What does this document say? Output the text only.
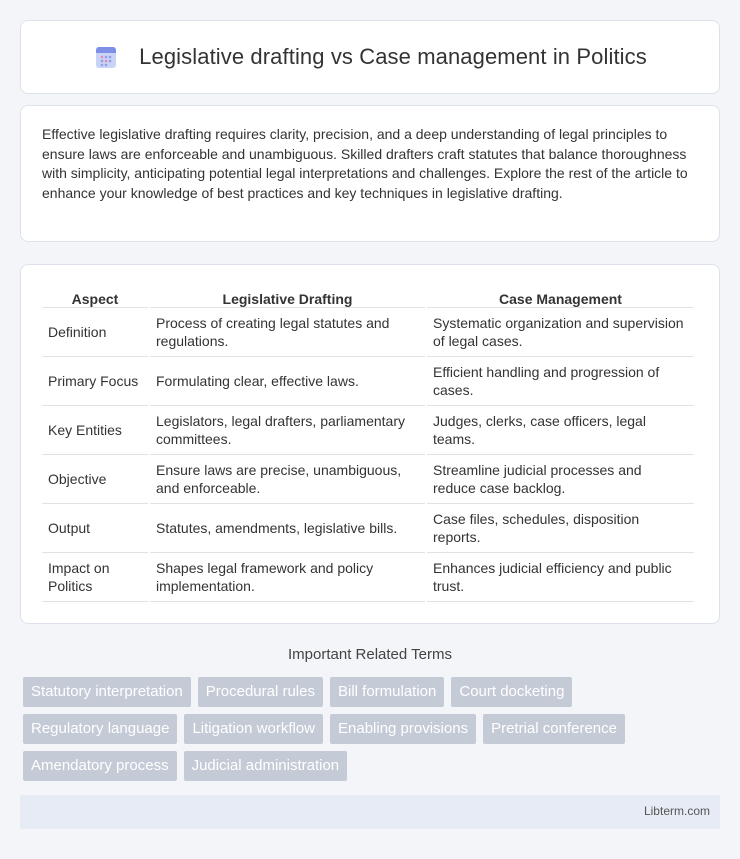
Legislative drafting vs Case management in Politics

Effective legislative drafting requires clarity, precision, and a deep understanding of legal principles to ensure laws are enforceable and unambiguous. Skilled drafters craft statutes that balance thoroughness with simplicity, anticipating potential legal interpretations and challenges. Explore the rest of the article to enhance your knowledge of best practices and key techniques in legislative drafting.

Aspect	Legislative Drafting	Case Management
Definition	Process of creating legal statutes and regulations.	Systematic organization and supervision of legal cases.
Primary Focus	Formulating clear, effective laws.	Efficient handling and progression of cases.
Key Entities	Legislators, legal drafters, parliamentary committees.	Judges, clerks, case officers, legal teams.
Objective	Ensure laws are precise, unambiguous, and enforceable.	Streamline judicial processes and reduce case backlog.
Output	Statutes, amendments, legislative bills.	Case files, schedules, disposition reports.
Impact on Politics	Shapes legal framework and policy implementation.	Enhances judicial efficiency and public trust.
Important Related Terms
Statutory interpretation	Procedural rules	Bill formulation	Court docketing
Regulatory language	Litigation workflow	Enabling provisions	Pretrial conference
Amendatory process	Judicial administration
Libterm.com
